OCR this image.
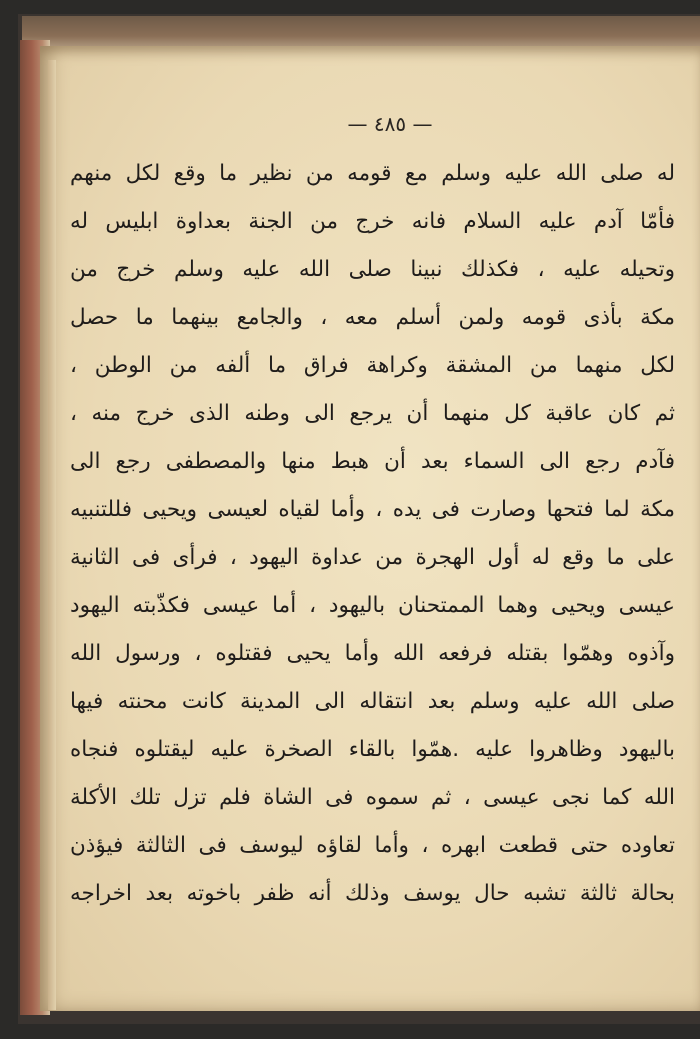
— ٤٨٥ —
له صلى الله عليه وسلم مع قومه من نظير ما وقع لكل منهم
فأمّا آدم عليه السلام فانه خرج من الجنة بعداوة ابليس له
وتحيله عليه ، فكذلك نبينا صلى الله عليه وسلم خرج من
مكة بأذى قومه ولمن أسلم معه ، والجامع بينهما ما حصل
لكل منهما من المشقة وكراهة فراق ما ألفه من الوطن ،
ثم كان عاقبة كل منهما أن يرجع الى وطنه الذى خرج منه ،
فآدم رجع الى السماء بعد أن هبط منها والمصطفى رجع الى
مكة لما فتحها وصارت فى يده ، وأما لقياه لعيسى ويحيى فللتنبيه
على ما وقع له أول الهجرة من عداوة اليهود ، فرأى فى الثانية
عيسى ويحيى وهما الممتحنان باليهود ، أما عيسى فكذّبته اليهود
وآذوه وهمّوا بقتله فرفعه الله وأما يحيى فقتلوه ، ورسول الله
صلى الله عليه وسلم بعد انتقاله الى المدينة كانت محنته فيها
باليهود وظاهروا عليه .همّوا بالقاء الصخرة عليه ليقتلوه فنجاه
الله كما نجى عيسى ، ثم سموه فى الشاة فلم تزل تلك الأكلة
تعاوده حتى قطعت ابهره ، وأما لقاؤه ليوسف فى الثالثة فيؤذن
بحالة ثالثة تشبه حال يوسف وذلك أنه ظفر باخوته بعد اخراجه
